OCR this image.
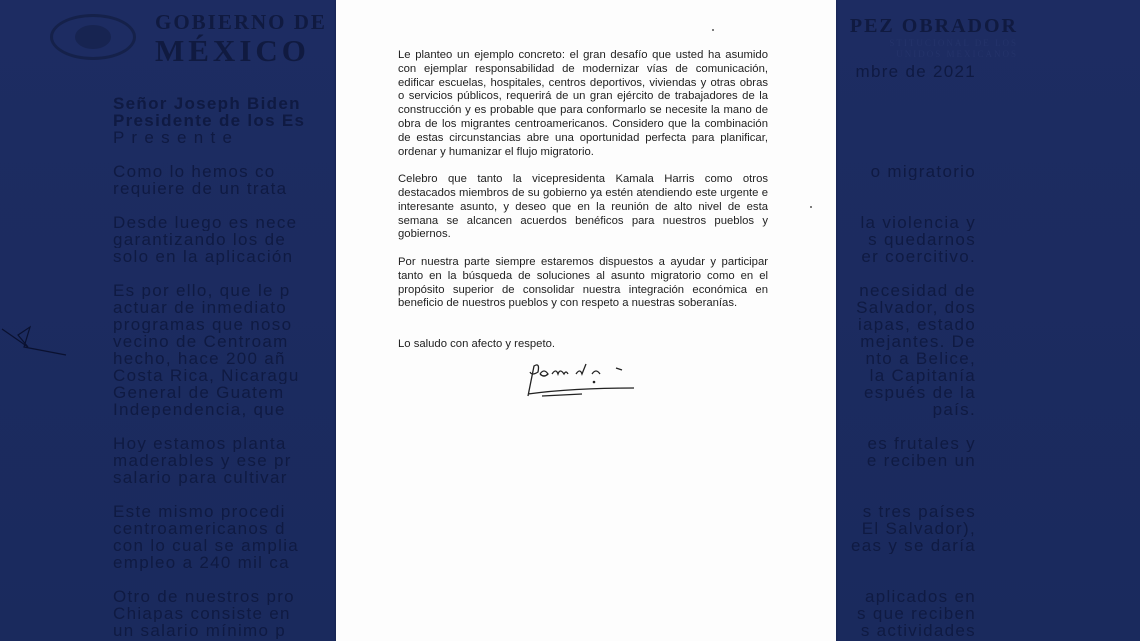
GOBIERNO DE
MÉXICO
PEZ OBRADOR
STITUCIONAL DE LOS
UNIDOS MEXICANOS
mbre de 2021
Señor Joseph Biden
Presidente de los Es
P r e s e n t e
Como lo hemos co
requiere de un trata
Desde luego es nece
garantizando los de
solo en la aplicación
Es por ello, que le p
actuar de inmediato
programas que noso
vecino de Centroam
hecho, hace 200 añ
Costa Rica, Nicaragu
General de Guatem
Independencia, que
Hoy estamos planta
maderables y ese pr
salario para cultivar
Este mismo procedi
centroamericanos d
con lo cual se amplia
empleo a 240 mil ca
Otro de nuestros pro
Chiapas consiste en
un salario mínimo p
o migratorio
la violencia y
s quedarnos
er coercitivo.
necesidad de
Salvador, dos
iapas, estado
mejantes. De
nto a Belice,
la Capitanía
espués de la
país.
es frutales y
e reciben un
s tres países
El Salvador),
eas y se daría
aplicados en
s que reciben
s actividades

Le planteo un ejemplo concreto: el gran desafío que usted ha asumido con ejemplar responsabilidad de modernizar vías de comunicación, edificar escuelas, hospitales, centros deportivos, viviendas y otras obras o servicios públicos, requerirá de un gran ejército de trabajadores de la construcción y es probable que para conformarlo se necesite la mano de obra de los migrantes centroamericanos. Considero que la combinación de estas circunstancias abre una oportunidad perfecta para planificar, ordenar y humanizar el flujo migratorio.

Celebro que tanto la vicepresidenta Kamala Harris como otros destacados miembros de su gobierno ya estén atendiendo este urgente e interesante asunto, y deseo que en la reunión de alto nivel de esta semana se alcancen acuerdos benéficos para nuestros pueblos y gobiernos.

Por nuestra parte siempre estaremos dispuestos a ayudar y participar tanto en la búsqueda de soluciones al asunto migratorio como en el propósito superior de consolidar nuestra integración económica en beneficio de nuestros pueblos y con respeto a nuestras soberanías.

Lo saludo con afecto y respeto.
